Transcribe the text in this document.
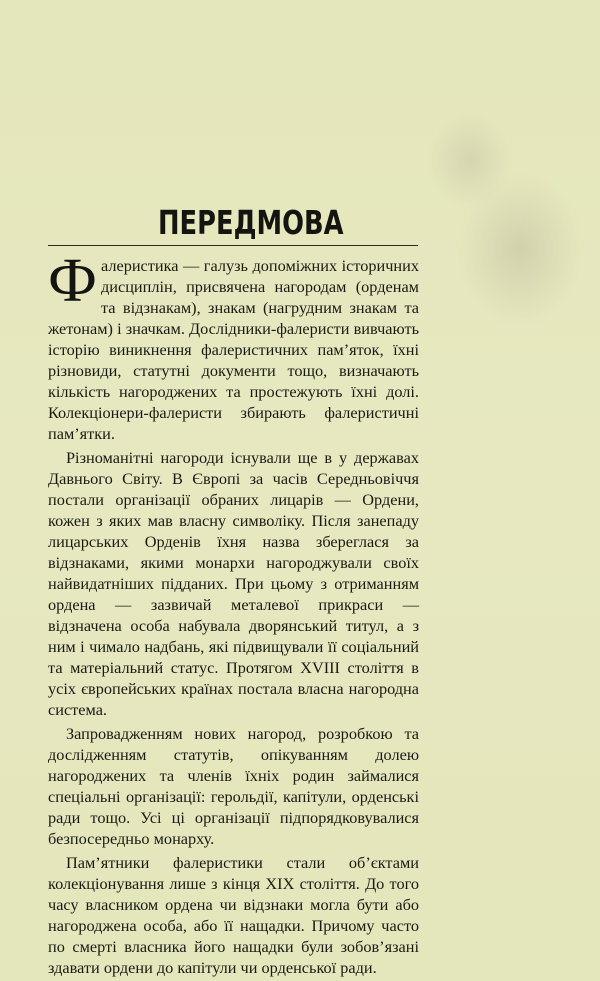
ПЕРЕДМОВА

Фалеристика — галузь допоміжних історичних дисциплін, присвячена нагородам (орденам та відзнакам), знакам (нагрудним знакам та жетонам) і значкам. Дослідники-фалеристи вивчають історію виникнення фалеристичних пам’яток, їхні різновиди, статутні документи тощо, визначають кількість нагороджених та простежують їхні долі. Колекціонери-фалеристи збирають фалеристичні пам’ятки.

Різноманітні нагороди існували ще в у державах Давнього Світу. В Європі за часів Середньовіччя постали організації обраних лицарів — Ордени, кожен з яких мав власну символіку. Після занепаду лицарських Орденів їхня назва збереглася за відзнаками, якими монархи нагороджували своїх найвидатніших підданих. При цьому з отриманням ордена — зазвичай металевої прикраси — відзначена особа набувала дворянський титул, а з ним і чимало надбань, які підвищували її соціальний та матеріальний статус. Протягом XVIII століття в усіх європейських країнах постала власна нагородна система.

Запровадженням нових нагород, розробкою та дослідженням статутів, опікуванням долею нагороджених та членів їхніх родин займалися спеціальні організації: герольдії, капітули, орденські ради тощо. Усі ці організації підпорядковувалися безпосередньо монарху.

Пам’ятники фалеристики стали об’єктами колекціонування лише з кінця XIX століття. До того часу власником ордена чи відзнаки могла бути або нагороджена особа, або її нащадки. Причому часто по смерті власника його нащадки були зобов’язані здавати ордени до капітули чи орденської ради.
